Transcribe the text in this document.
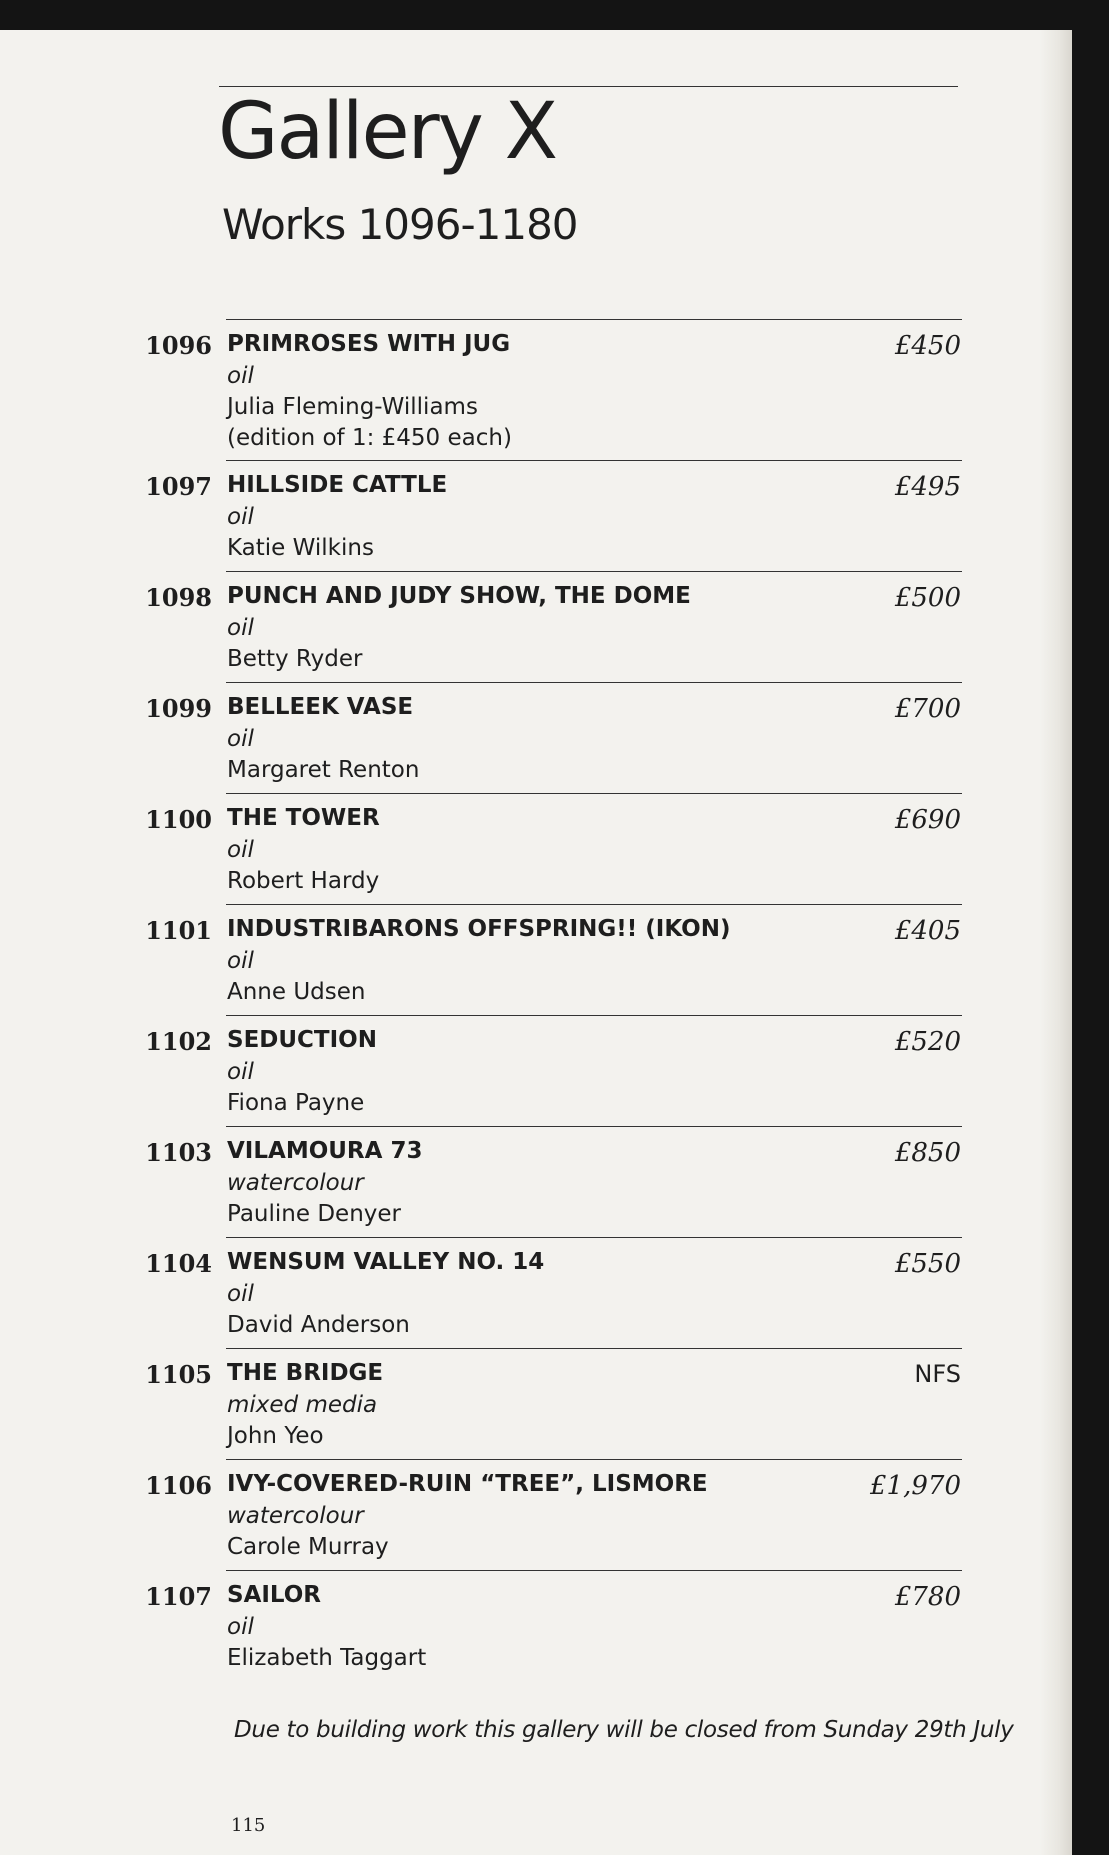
Gallery X
Works 1096-1180
1096 PRIMROSES WITH JUG
oil
Julia Fleming-Williams
(edition of 1: £450 each)
£450
1097 HILLSIDE CATTLE
oil
Katie Wilkins
£495
1098 PUNCH AND JUDY SHOW, THE DOME
oil
Betty Ryder
£500
1099 BELLEEK VASE
oil
Margaret Renton
£700
1100 THE TOWER
oil
Robert Hardy
£690
1101 INDUSTRIBARONS OFFSPRING!! (IKON)
oil
Anne Udsen
£405
1102 SEDUCTION
oil
Fiona Payne
£520
1103 VILAMOURA 73
watercolour
Pauline Denyer
£850
1104 WENSUM VALLEY NO. 14
oil
David Anderson
£550
1105 THE BRIDGE
mixed media
John Yeo
NFS
1106 IVY-COVERED-RUIN “TREE”, LISMORE
watercolour
Carole Murray
£1,970
1107 SAILOR
oil
Elizabeth Taggart
£780
Due to building work this gallery will be closed from Sunday 29th July
115
